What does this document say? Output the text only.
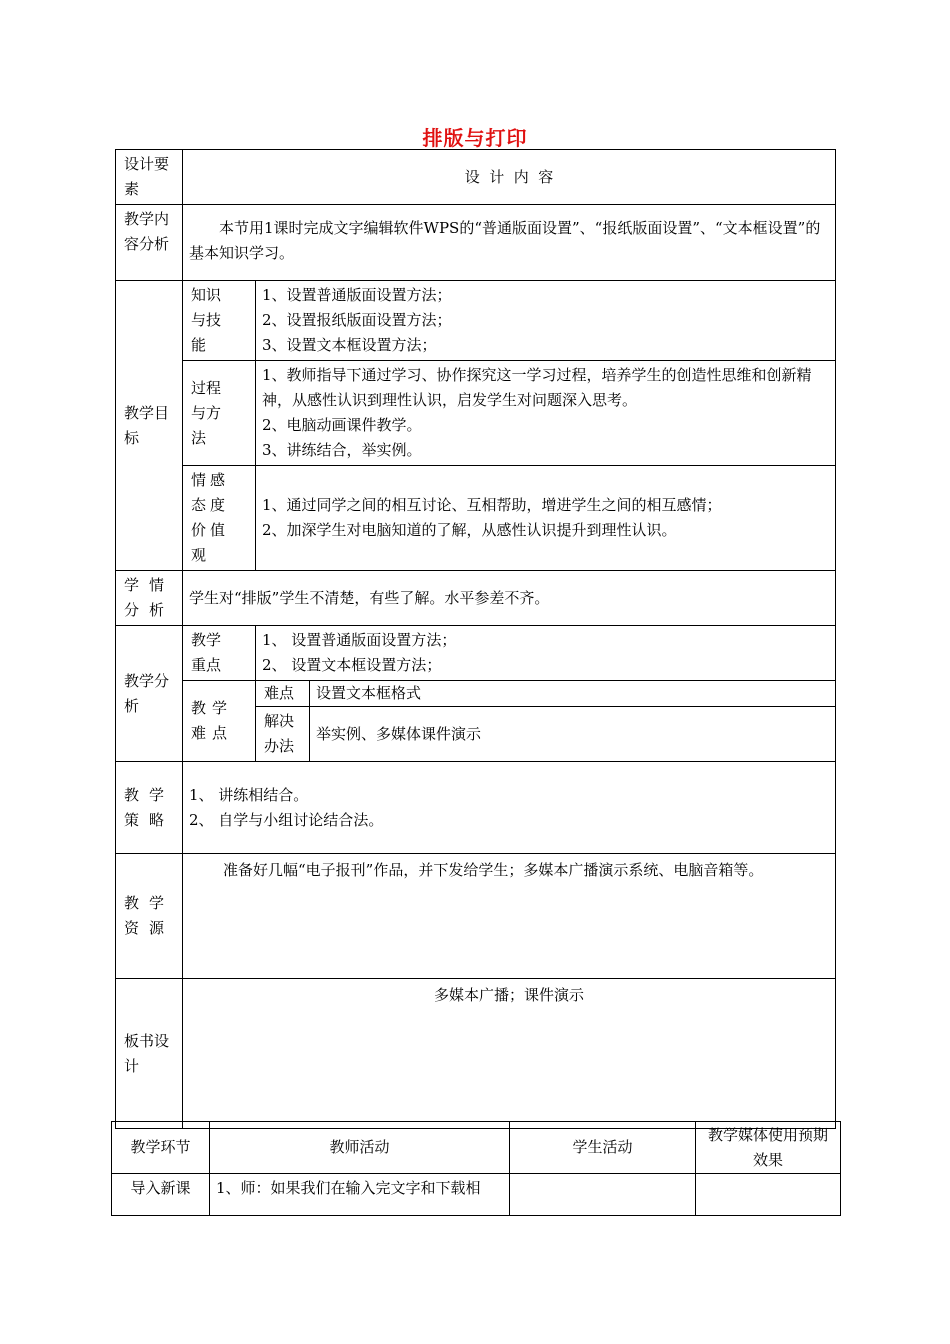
排版与打印
设计要素	设  计  内  容		
教学内容分析	本节用1课时完成文字编辑软件WPS的“普通版面设置”、“报纸版面设置”、“文本框设置”的基本知识学习。		
教学目标	知识与技能	1、设置普通版面设置方法；
2、设置报纸版面设置方法；
3、设置文本框设置方法；	

	过程与方法	1、教师指导下通过学习、协作探究这一学习过程，培养学生的创造性思维和创新精神，从感性认识到理性认识，启发学生对问题深入思考。
2、电脑动画课件教学。
3、讲练结合，举实例。	

	情感态度价值观	1、通过同学之间的相互讨论、互相帮助，增进学生之间的相互感情；
2、加深学生对电脑知道的了解，从感性认识提升到理性认识。	

学情分析	学生对“排版”学生不清楚，有些了解。水平参差不齐。		
教学分析	教学重点	1、 设置普通版面设置方法；
2、 设置文本框设置方法；	

	教学难点	难点	设置文本框格式
		解决办法	举实例、多媒体课件演示
教学策略	1、 讲练相结合。
2、 自学与小组讨论结合法。		

教学资源	准备好几幅“电子报刊”作品，并下发给学生；多媒本广播演示系统、电脑音箱等。		
板书设计	多媒本广播；课件演示		
教学环节	教师活动	学生活动	教学媒体使用预期效果
导入新课	1、师：如果我们在输入完文字和下载相		
